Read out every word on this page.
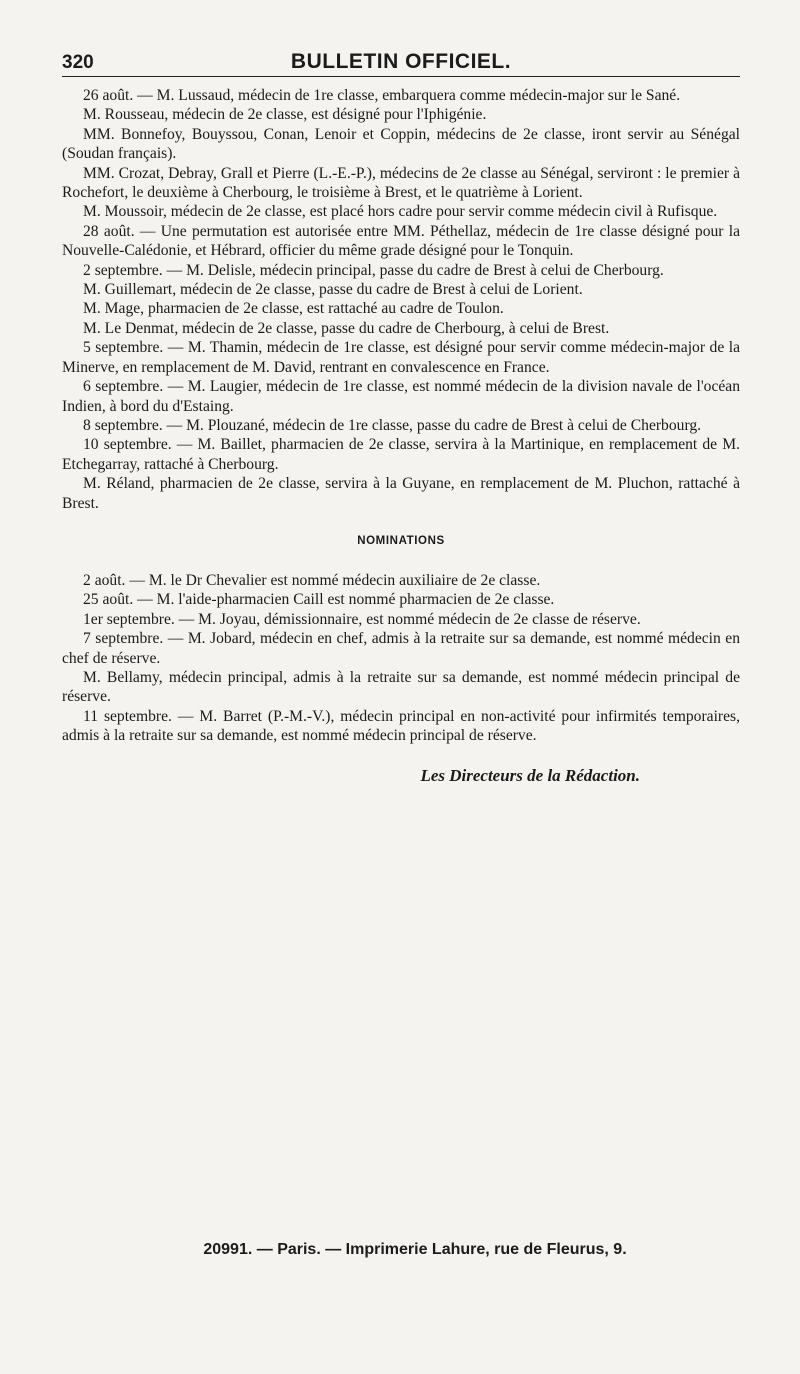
320	BULLETIN OFFICIEL.

26 août. — M. Lussaud, médecin de 1re classe, embarquera comme médecin-major sur le Sané.

M. Rousseau, médecin de 2e classe, est désigné pour l'Iphigénie.

MM. Bonnefoy, Bouyssou, Conan, Lenoir et Coppin, médecins de 2e classe, iront servir au Sénégal (Soudan français).

MM. Crozat, Debray, Grall et Pierre (L.-E.-P.), médecins de 2e classe au Sénégal, serviront : le premier à Rochefort, le deuxième à Cherbourg, le troisième à Brest, et le quatrième à Lorient.

M. Moussoir, médecin de 2e classe, est placé hors cadre pour servir comme médecin civil à Rufisque.

28 août. — Une permutation est autorisée entre MM. Péthellaz, médecin de 1re classe désigné pour la Nouvelle-Calédonie, et Hébrard, officier du même grade désigné pour le Tonquin.

2 septembre. — M. Delisle, médecin principal, passe du cadre de Brest à celui de Cherbourg.

M. Guillemart, médecin de 2e classe, passe du cadre de Brest à celui de Lorient.

M. Mage, pharmacien de 2e classe, est rattaché au cadre de Toulon.

M. Le Denmat, médecin de 2e classe, passe du cadre de Cherbourg, à celui de Brest.

5 septembre. — M. Thamin, médecin de 1re classe, est désigné pour servir comme médecin-major de la Minerve, en remplacement de M. David, rentrant en convalescence en France.

6 septembre. — M. Laugier, médecin de 1re classe, est nommé médecin de la division navale de l'océan Indien, à bord du d'Estaing.

8 septembre. — M. Plouzané, médecin de 1re classe, passe du cadre de Brest à celui de Cherbourg.

10 septembre. — M. Baillet, pharmacien de 2e classe, servira à la Martinique, en remplacement de M. Etchegarray, rattaché à Cherbourg.

M. Réland, pharmacien de 2e classe, servira à la Guyane, en remplacement de M. Pluchon, rattaché à Brest.

NOMINATIONS

2 août. — M. le Dr Chevalier est nommé médecin auxiliaire de 2e classe.

25 août. — M. l'aide-pharmacien Caill est nommé pharmacien de 2e classe.

1er septembre. — M. Joyau, démissionnaire, est nommé médecin de 2e classe de réserve.

7 septembre. — M. Jobard, médecin en chef, admis à la retraite sur sa demande, est nommé médecin en chef de réserve.

M. Bellamy, médecin principal, admis à la retraite sur sa demande, est nommé médecin principal de réserve.

11 septembre. — M. Barret (P.-M.-V.), médecin principal en non-activité pour infirmités temporaires, admis à la retraite sur sa demande, est nommé médecin principal de réserve.

Les Directeurs de la Rédaction.
20991. — Paris. — Imprimerie Lahure, rue de Fleurus, 9.
